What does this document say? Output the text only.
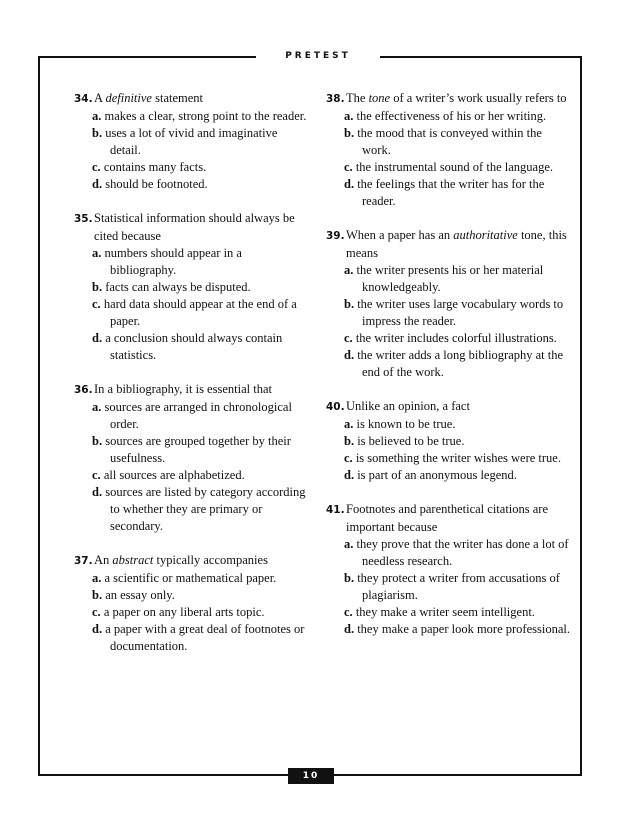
PRETEST
34.A definitive statement
a. makes a clear, strong point to the reader.
b. uses a lot of vivid and imaginative detail.
c. contains many facts.
d. should be footnoted.
35.Statistical information should always be cited because
a. numbers should appear in a bibliography.
b. facts can always be disputed.
c. hard data should appear at the end of a paper.
d. a conclusion should always contain statistics.
36.In a bibliography, it is essential that
a. sources are arranged in chronological order.
b. sources are grouped together by their usefulness.
c. all sources are alphabetized.
d. sources are listed by category according to whether they are primary or secondary.
37.An abstract typically accompanies
a. a scientific or mathematical paper.
b. an essay only.
c. a paper on any liberal arts topic.
d. a paper with a great deal of footnotes or documentation.
38.The tone of a writer’s work usually refers to
a. the effectiveness of his or her writing.
b. the mood that is conveyed within the work.
c. the instrumental sound of the language.
d. the feelings that the writer has for the reader.
39.When a paper has an authoritative tone, this means
a. the writer presents his or her material knowledgeably.
b. the writer uses large vocabulary words to impress the reader.
c. the writer includes colorful illustrations.
d. the writer adds a long bibliography at the end of the work.
40.Unlike an opinion, a fact
a. is known to be true.
b. is believed to be true.
c. is something the writer wishes were true.
d. is part of an anonymous legend.
41.Footnotes and parenthetical citations are important because
a. they prove that the writer has done a lot of needless research.
b. they protect a writer from accusations of plagiarism.
c. they make a writer seem intelligent.
d. they make a paper look more professional.
10
